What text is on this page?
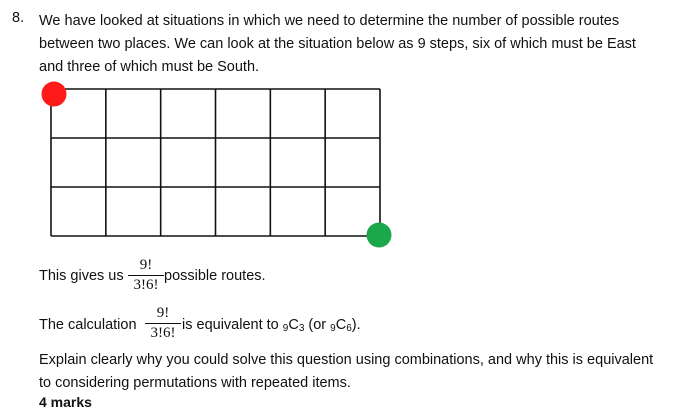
8. We have looked at situations in which we need to determine the number of possible routes
between two places. We can look at the situation below as 9 steps, six of which must be East
and three of which must be South.
This gives us
9!
3!6!
possible routes.
The calculation
9!
3!6! is equivalent to $_9C_3$ (or $_9C_6$).
Explain clearly why you could solve this question using combinations, and why this is equivalent
to considering permutations with repeated items.
4 marks
